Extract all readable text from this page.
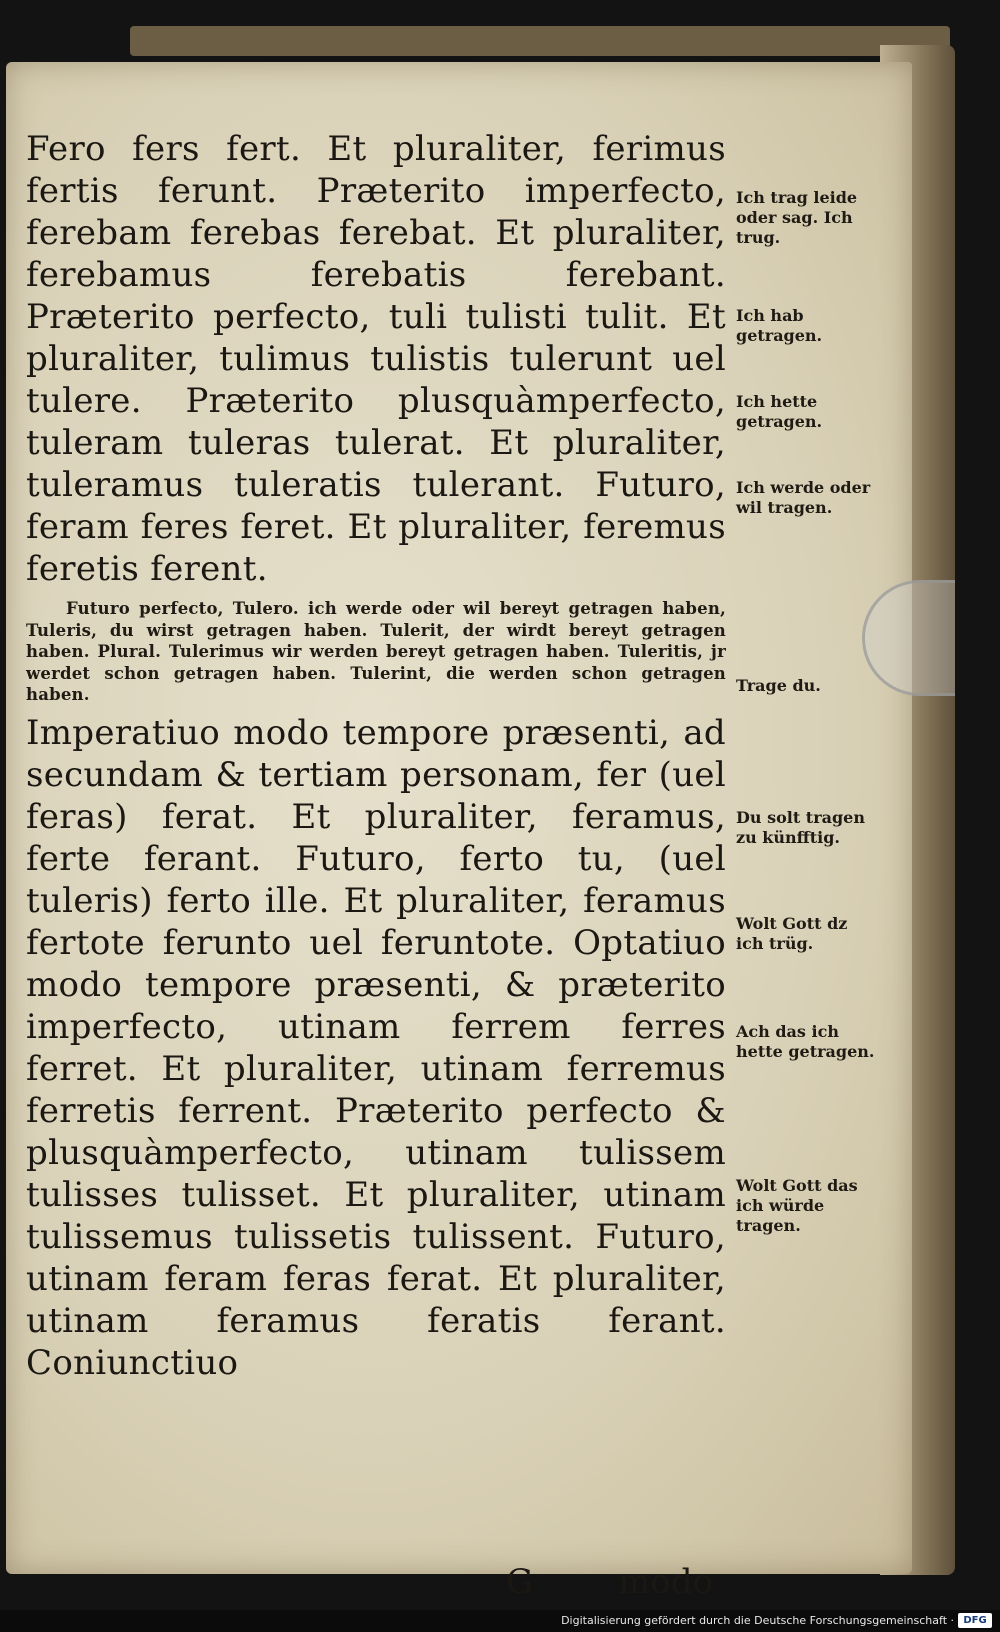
Fero fers fert. Et pluraliter, ferimus fertis ferunt. Præterito imperfecto, ferebam ferebas ferebat. Et pluraliter, ferebamus ferebatis ferebant. Præterito perfecto, tuli tulisti tulit. Et pluraliter, tulimus tulistis tulerunt uel tulere. Præterito plusquàmperfecto, tuleram tuleras tulerat. Et pluraliter, tuleramus tuleratis tulerant. Futuro, feram feres feret. Et pluraliter, feremus feretis ferent.

Futuro perfecto, Tulero. ich werde oder wil bereyt getragen haben, Tuleris, du wirst getragen haben. Tulerit, der wirdt bereyt getragen haben. Plural. Tulerimus wir werden bereyt getragen haben. Tuleritis, jr werdet schon getragen haben. Tulerint, die werden schon getragen haben.

Imperatiuo modo tempore præsenti, ad secundam & tertiam personam, fer (uel feras) ferat. Et pluraliter, feramus, ferte ferant. Futuro, ferto tu, (uel tuleris) ferto ille. Et pluraliter, feramus fertote ferunto uel feruntote. Optatiuo modo tempore præsenti, & præterito imperfecto, utinam ferrem ferres ferret. Et pluraliter, utinam ferremus ferretis ferrent. Præterito perfecto & plusquàmperfecto, utinam tulissem tulisses tulisset. Et pluraliter, utinam tulissemus tulissetis tulissent. Futuro, utinam feram feras ferat. Et pluraliter, utinam feramus feratis ferant. Coniunctiuo

G modo
Ich trag leide oder sag. Ich trug.
Ich hab getragen.
Ich hette getragen.
Ich werde oder wil tragen.
Trage du.
Du solt tragen zu künfftig.
Wolt Gott dz ich trüg.
Ach das ich hette getragen.
Wolt Gott das ich würde tragen.
Digitalisierung gefördert durch die Deutsche Forschungsgemeinschaft · DFG
